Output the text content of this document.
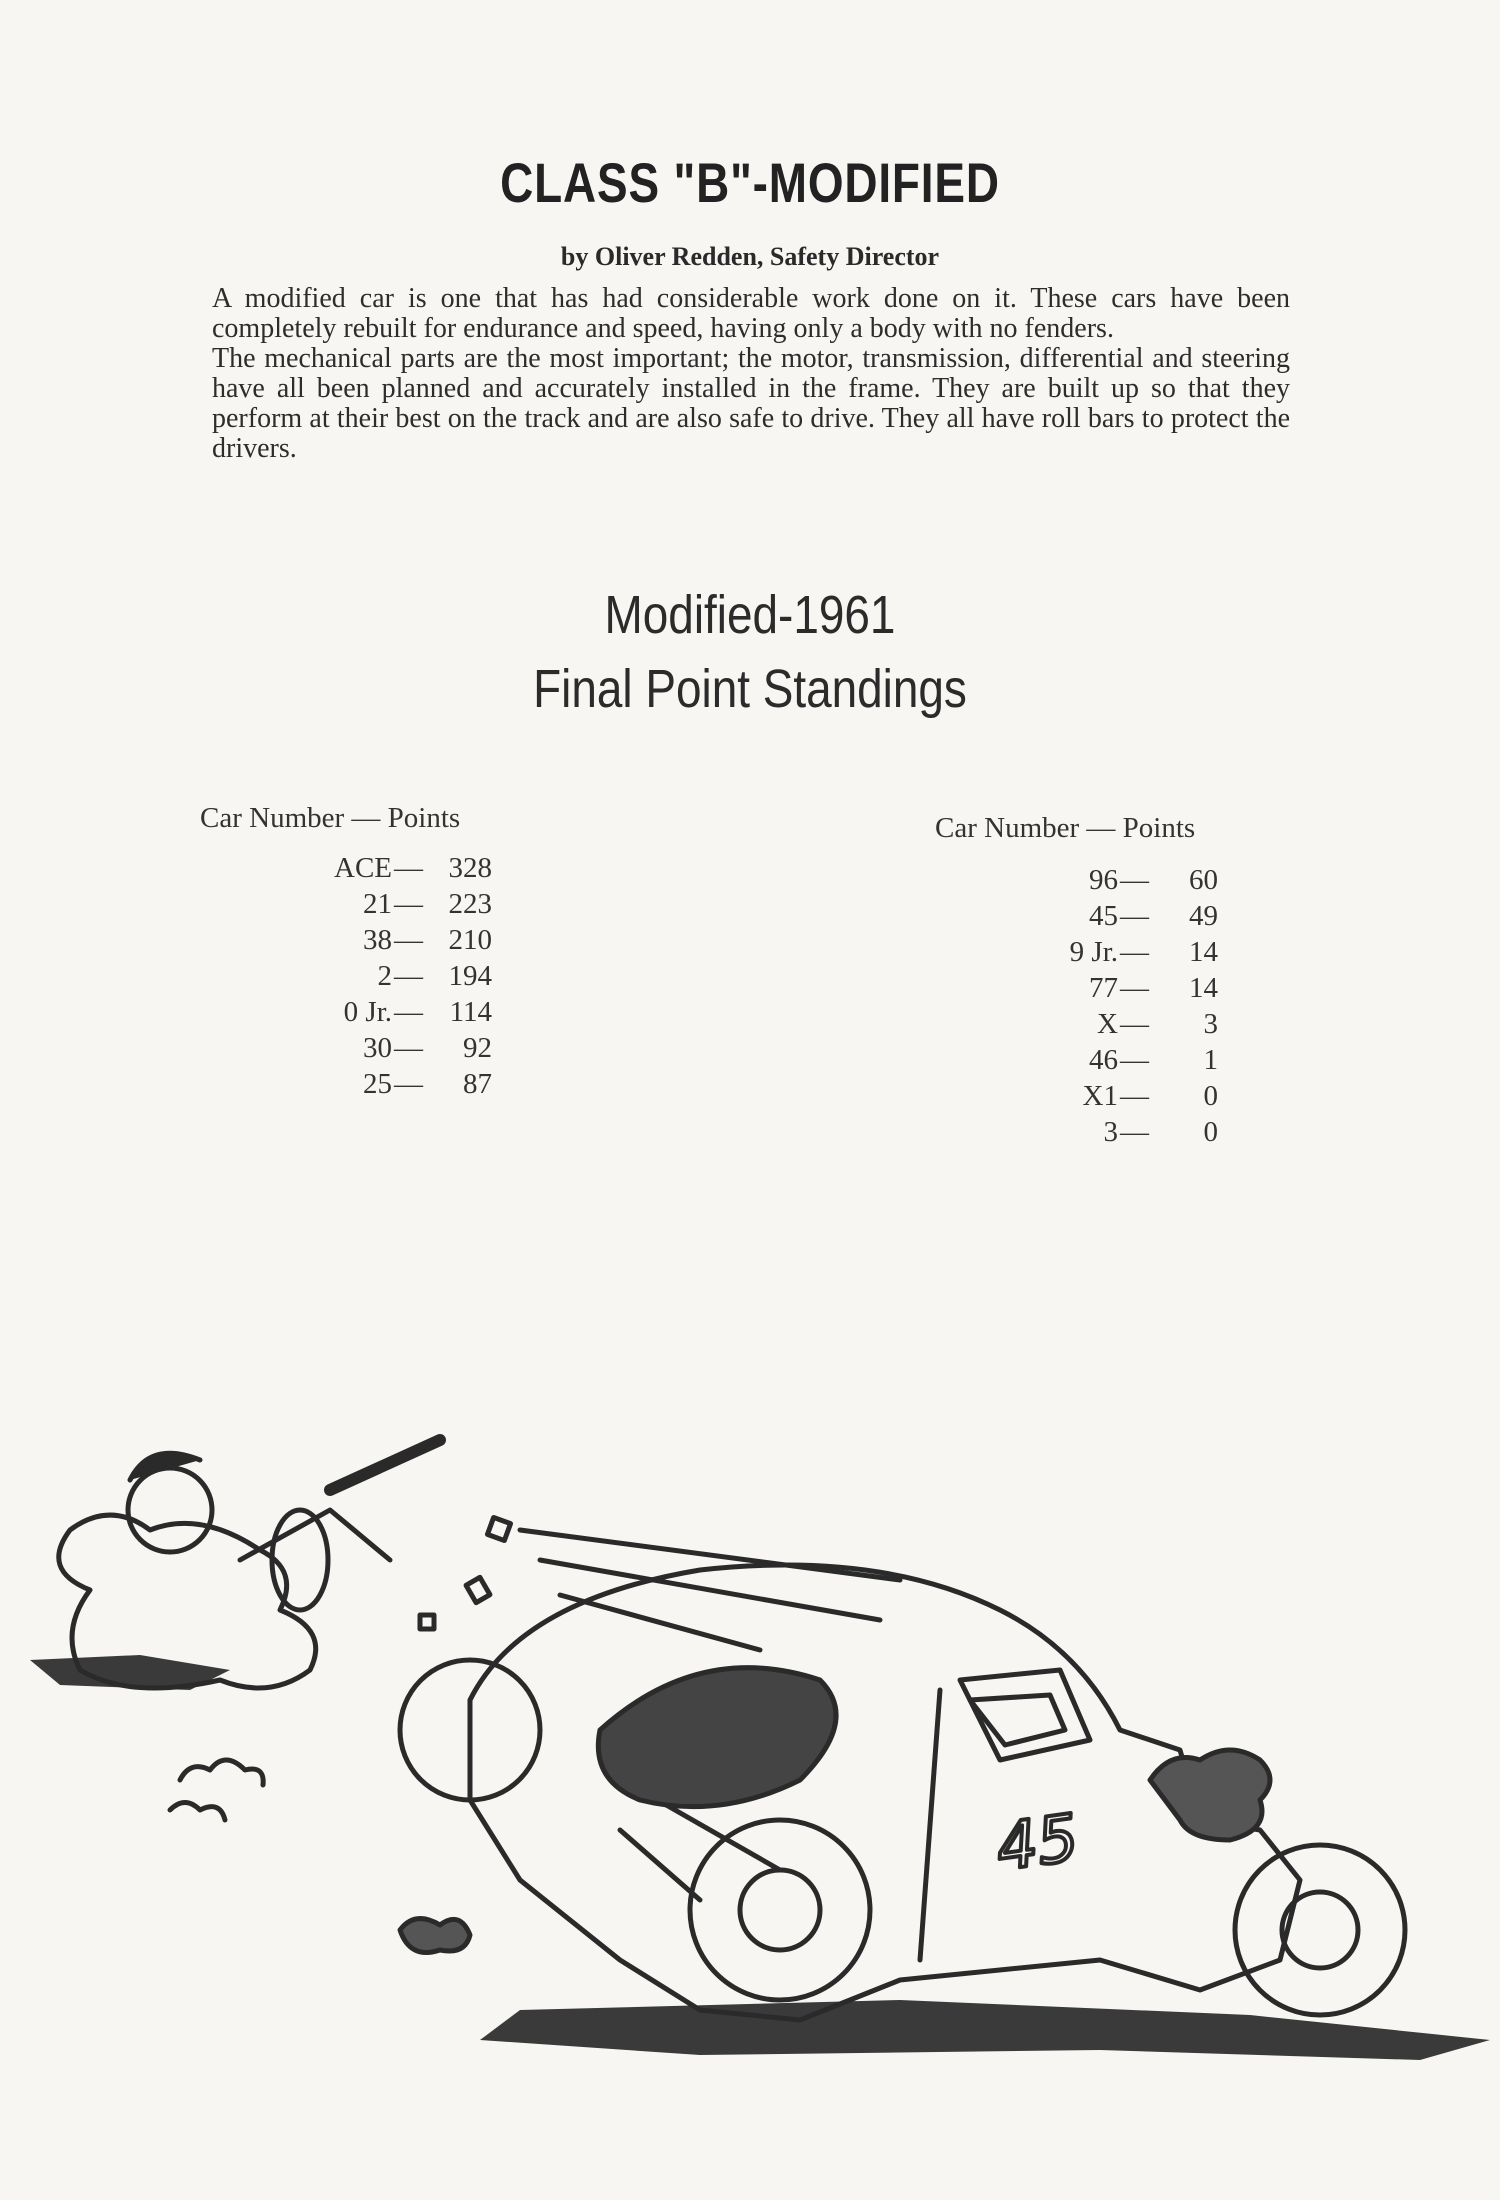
CLASS "B"-MODIFIED
by Oliver Redden, Safety Director

A modified car is one that has had considerable work done on it. These cars have been completely rebuilt for endurance and speed, having only a body with no fenders.

The mechanical parts are the most important; the motor, transmission, differential and steering have all been planned and accurately installed in the frame. They are built up so that they perform at their best on the track and are also safe to drive. They all have roll bars to protect the drivers.

Modified-1961
Final Point Standings
Car Number — Points	Car Number — Points
ACE — 328
21 — 223
38 — 210
2 — 194
0 Jr. — 114
30 —	92
25 —	87
96 —	60
45 —	49
9 Jr. —	14
77 —	14
X —	3
46 —	1
X1 —	0
3 —	0
45
